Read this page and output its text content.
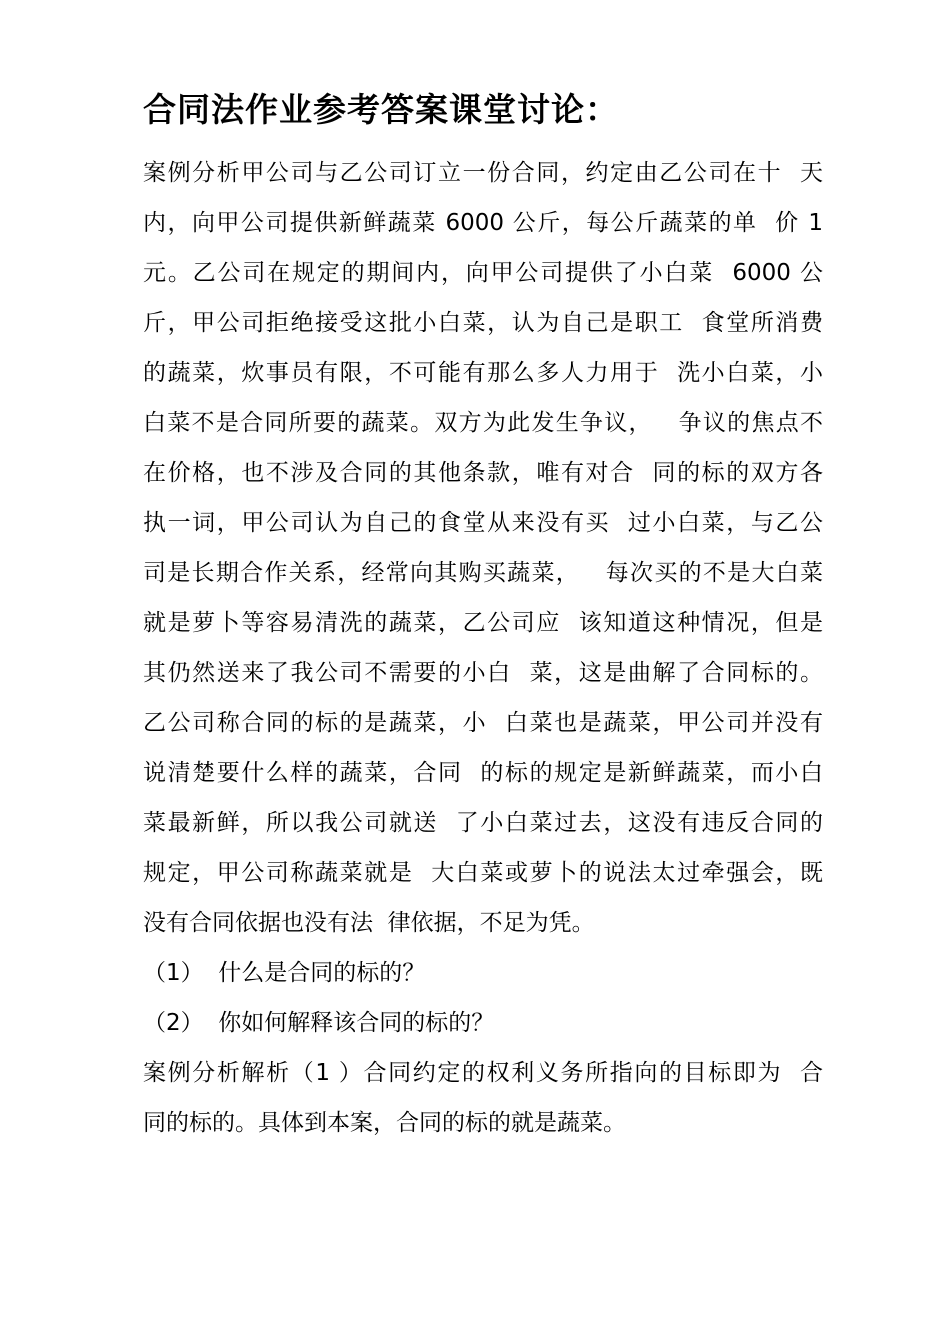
合同法作业参考答案课堂讨论：
案例分析甲公司与乙公司订立一份合同，约定由乙公司在十  天
内，向甲公司提供新鲜蔬菜 6000 公斤，每公斤蔬菜的单  价 1
元。乙公司在规定的期间内，向甲公司提供了小白菜  6000 公
斤，甲公司拒绝接受这批小白菜，认为自己是职工  食堂所消费
的蔬菜，炊事员有限，不可能有那么多人力用于  洗小白菜，小
白菜不是合同所要的蔬菜。双方为此发生争议，   争议的焦点不
在价格，也不涉及合同的其他条款，唯有对合  同的标的双方各
执一词，甲公司认为自己的食堂从来没有买  过小白菜，与乙公
司是长期合作关系，经常向其购买蔬菜，   每次买的不是大白菜
就是萝卜等容易清洗的蔬菜，乙公司应  该知道这种情况，但是
其仍然送来了我公司不需要的小白  菜，这是曲解了合同标的。
乙公司称合同的标的是蔬菜，小  白菜也是蔬菜，甲公司并没有
说清楚要什么样的蔬菜，合同  的标的规定是新鲜蔬菜，而小白
菜最新鲜，所以我公司就送  了小白菜过去，这没有违反合同的
规定，甲公司称蔬菜就是  大白菜或萝卜的说法太过牵强会，既
没有合同依据也没有法  律依据，不足为凭。
（1）  什么是合同的标的？
（2）  你如何解释该合同的标的？
案例分析解析（1 ）合同约定的权利义务所指向的目标即为  合
同的标的。具体到本案，合同的标的就是蔬菜。
